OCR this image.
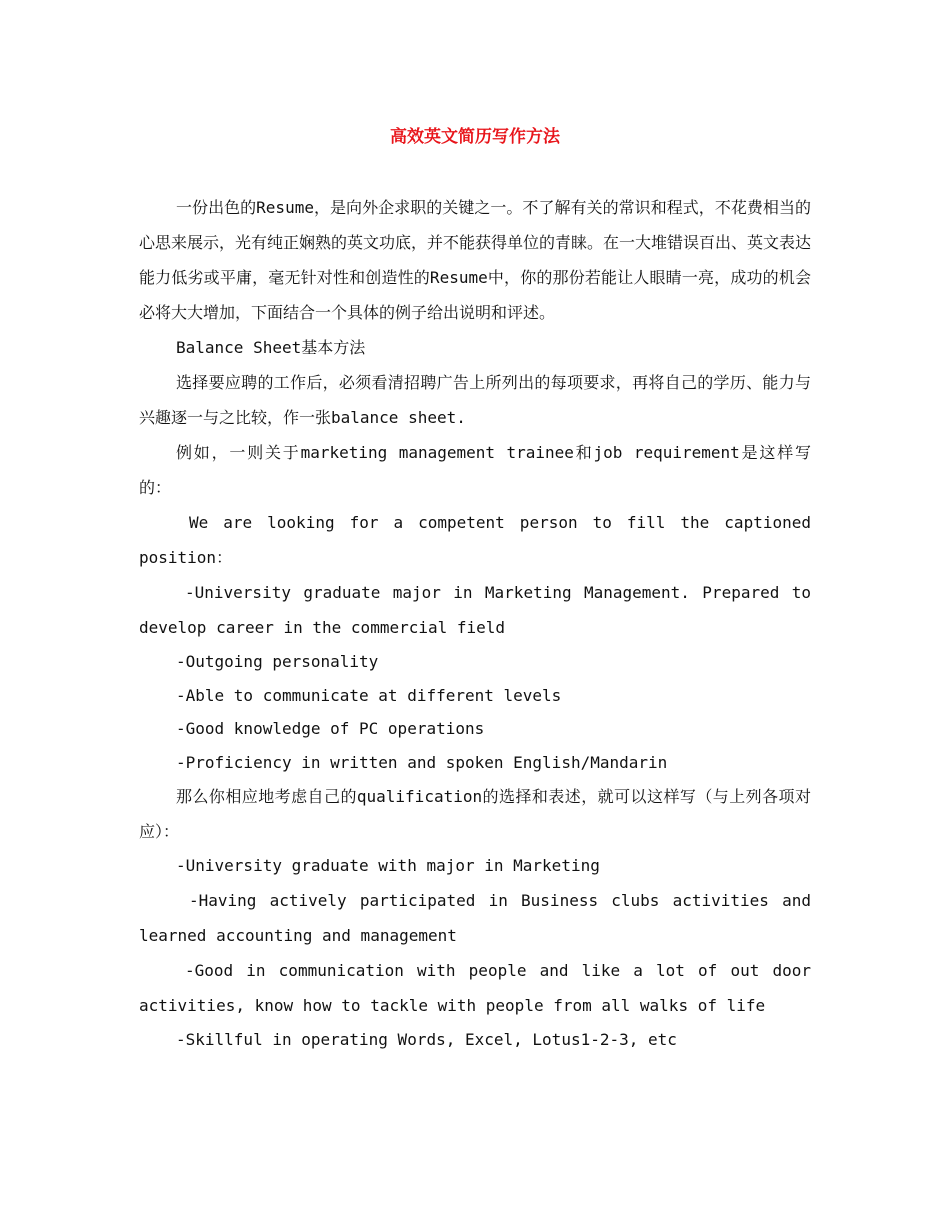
高效英文简历写作方法

一份出色的Resume，是向外企求职的关键之一。不了解有关的常识和程式，不花费相当的心思来展示，光有纯正娴熟的英文功底，并不能获得单位的青睐。在一大堆错误百出、英文表达能力低劣或平庸，毫无针对性和创造性的Resume中，你的那份若能让人眼睛一亮，成功的机会必将大大增加，下面结合一个具体的例子给出说明和评述。

Balance Sheet基本方法

选择要应聘的工作后，必须看清招聘广告上所列出的每项要求，再将自己的学历、能力与兴趣逐一与之比较，作一张balance sheet.

例如，一则关于marketing management trainee和job requirement是这样写的：

We are looking for a competent person to fill the captioned position：

-University graduate major in Marketing Management. Prepared to develop career in the commercial field

-Outgoing personality

-Able to communicate at different levels

-Good knowledge of PC operations

-Proficiency in written and spoken English/Mandarin

那么你相应地考虑自己的qualification的选择和表述，就可以这样写（与上列各项对应）：

-University graduate with major in Marketing

-Having actively participated in Business clubs activities and learned accounting and management

-Good in communication with people and like a lot of out door activities, know how to tackle with people from all walks of life

-Skillful in operating Words, Excel, Lotus1-2-3, etc
